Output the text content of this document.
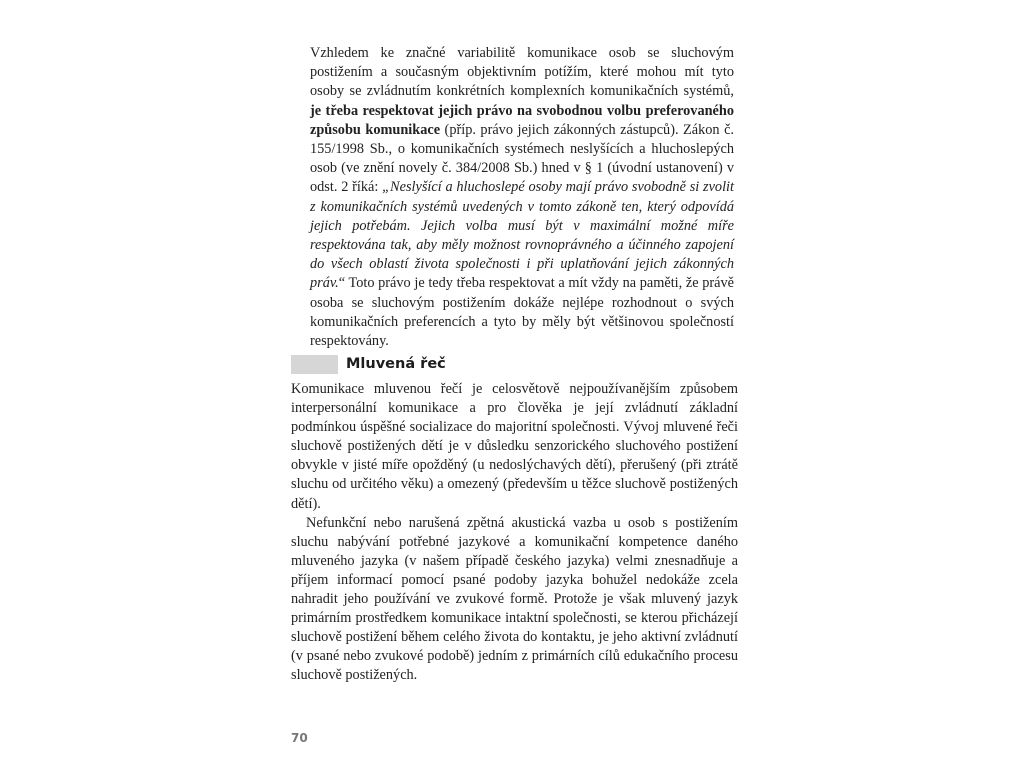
Vzhledem ke značné variabilitě komunikace osob se sluchovým postižením a současným objektivním potížím, které mohou mít tyto osoby se zvládnutím konkrétních komplexních komunikačních systémů, je třeba respektovat jejich právo na svobodnou volbu preferovaného způsobu komunikace (příp. právo jejich zákonných zástupců). Zákon č. 155/1998 Sb., o komunikačních systémech neslyšících a hluchoslepých osob (ve znění novely č. 384/2008 Sb.) hned v § 1 (úvodní ustanovení) v odst. 2 říká: „Neslyšící a hluchoslepé osoby mají právo svobodně si zvolit z komunikačních systémů uvedených v tomto zákoně ten, který odpovídá jejich potřebám. Jejich volba musí být v maximální možné míře respektována tak, aby měly možnost rovnoprávného a účinného zapojení do všech oblastí života společnosti i při uplatňování jejich zákonných práv.“ Toto právo je tedy třeba respektovat a mít vždy na paměti, že právě osoba se sluchovým postižením dokáže nejlépe rozhodnout o svých komunikačních preferencích a tyto by měly být většinovou společností respektovány.

Mluvená řeč

Komunikace mluvenou řečí je celosvětově nejpoužívanějším způsobem interpersonální komunikace a pro člověka je její zvládnutí základní podmínkou úspěšné socializace do majoritní společnosti. Vývoj mluvené řeči sluchově postižených dětí je v důsledku senzorického sluchového postižení obvykle v jisté míře opožděný (u nedoslýchavých dětí), přerušený (při ztrátě sluchu od určitého věku) a omezený (především u těžce sluchově postižených dětí).

Nefunkční nebo narušená zpětná akustická vazba u osob s postižením sluchu nabývání potřebné jazykové a komunikační kompetence daného mluveného jazyka (v našem případě českého jazyka) velmi znesnadňuje a příjem informací pomocí psané podoby jazyka bohužel nedokáže zcela nahradit jeho používání ve zvukové formě. Protože je však mluvený jazyk primárním prostředkem komunikace intaktní společnosti, se kterou přicházejí sluchově postižení během celého života do kontaktu, je jeho aktivní zvládnutí (v psané nebo zvukové podobě) jedním z primárních cílů edukačního procesu sluchově postižených.

70
